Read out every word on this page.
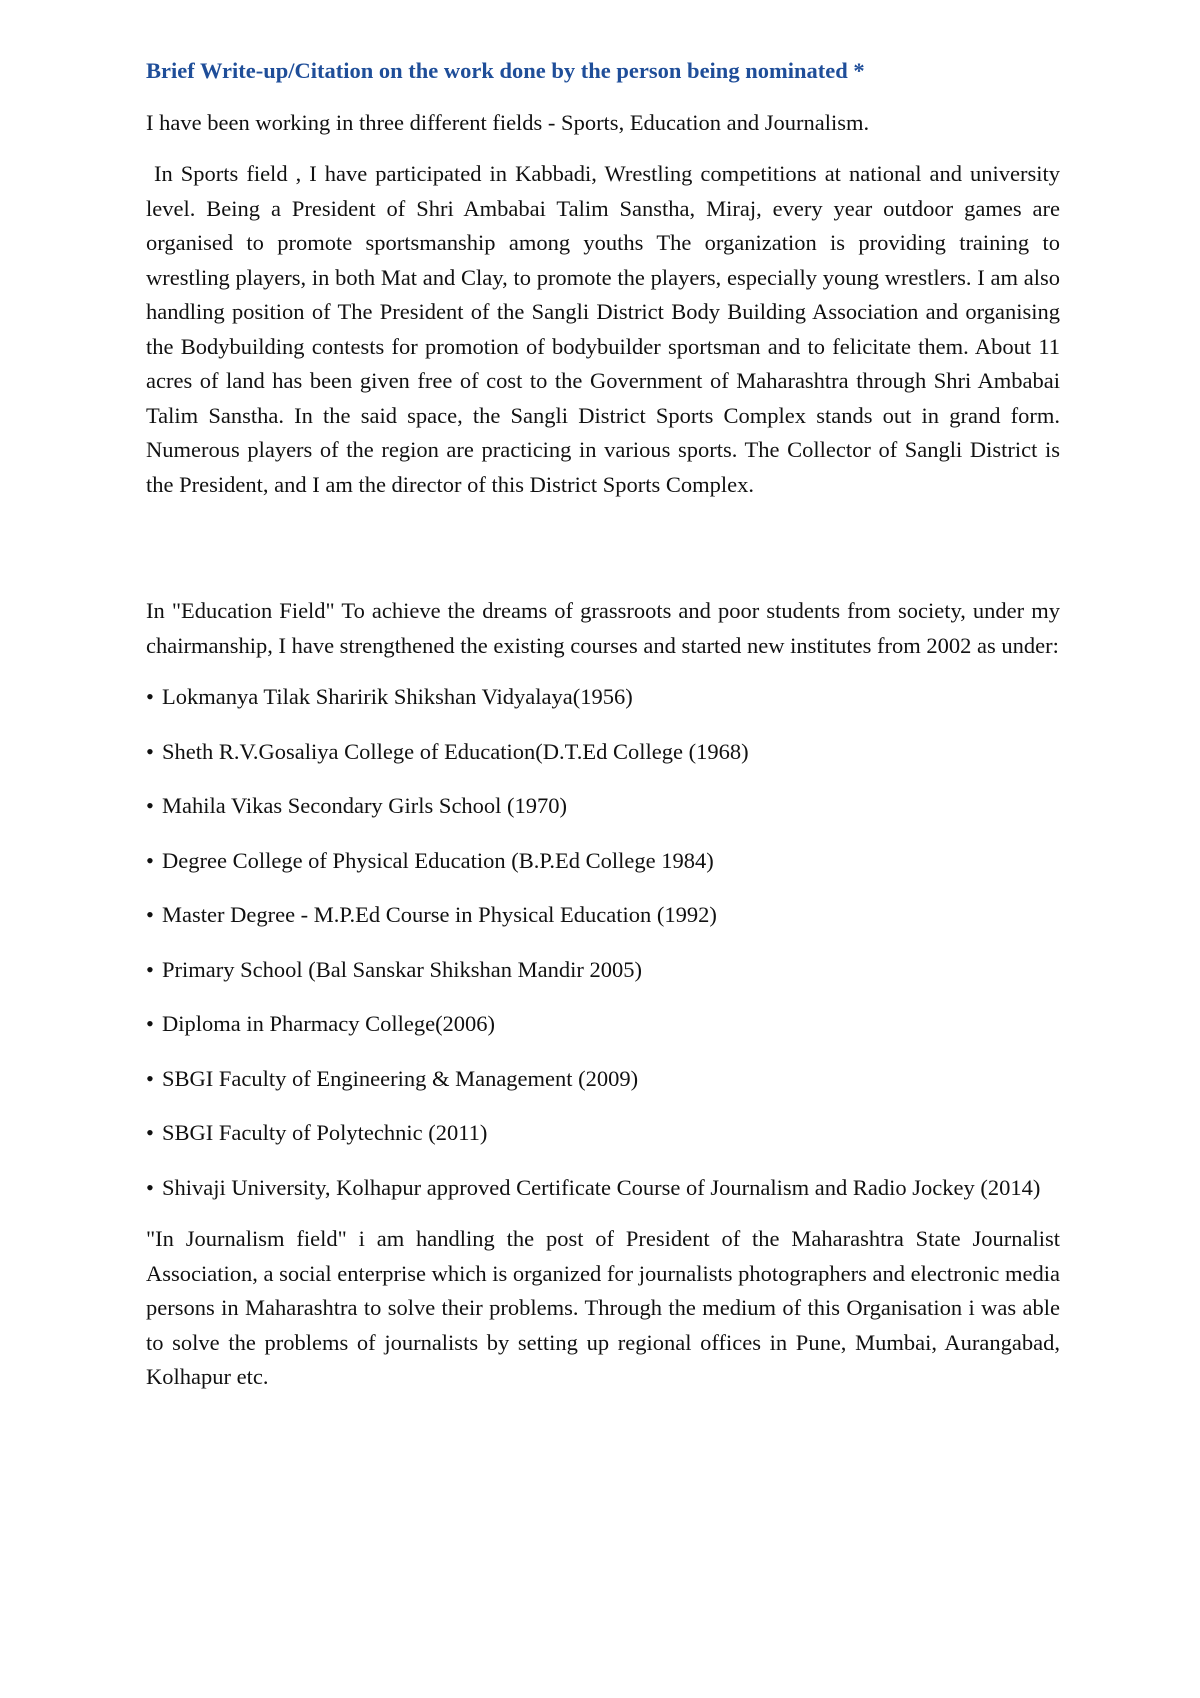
Brief Write-up/Citation on the work done by the person being nominated *

I have been working in three different fields - Sports, Education and Journalism.

In Sports field , I have participated in Kabbadi, Wrestling competitions at national and university level. Being a President of Shri Ambabai Talim Sanstha, Miraj, every year outdoor games are organised to promote sportsmanship among youths The organization is providing training to wrestling players, in both Mat and Clay, to promote the players, especially young wrestlers. I am also handling position of The President of the Sangli District Body Building Association and organising the Bodybuilding contests for promotion of bodybuilder sportsman and to felicitate them. About 11 acres of land has been given free of cost to the Government of Maharashtra through Shri Ambabai Talim Sanstha. In the said space, the Sangli District Sports Complex stands out in grand form. Numerous players of the region are practicing in various sports. The Collector of Sangli District is the President, and I am the director of this District Sports Complex.

In "Education Field" To achieve the dreams of grassroots and poor students from society, under my chairmanship, I have strengthened the existing courses and started new institutes from 2002 as under:

• Lokmanya Tilak Sharirik Shikshan Vidyalaya(1956)
• Sheth R.V.Gosaliya College of Education(D.T.Ed College (1968)
• Mahila Vikas Secondary Girls School (1970)
• Degree College of Physical Education (B.P.Ed College 1984)
• Master Degree - M.P.Ed Course in Physical Education (1992)
• Primary School (Bal Sanskar Shikshan Mandir 2005)
• Diploma in Pharmacy College(2006)
• SBGI Faculty of Engineering & Management (2009)
• SBGI Faculty of Polytechnic (2011)
• Shivaji University, Kolhapur approved Certificate Course of Journalism and Radio Jockey (2014)

"In Journalism field" i am handling the post of President of the Maharashtra State Journalist Association, a social enterprise which is organized for journalists photographers and electronic media persons in Maharashtra to solve their problems. Through the medium of this Organisation i was able to solve the problems of journalists by setting up regional offices in Pune, Mumbai, Aurangabad, Kolhapur etc.
